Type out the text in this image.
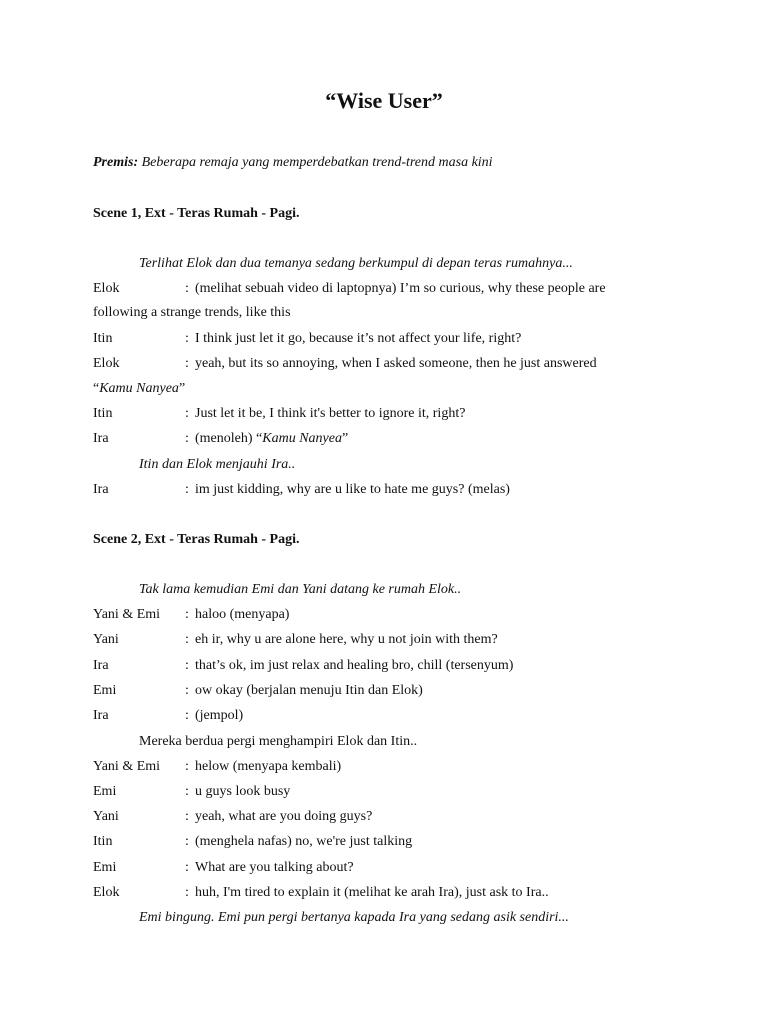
“Wise User”
Premis: Beberapa remaja yang memperdebatkan trend-trend masa kini
Scene 1, Ext - Teras Rumah - Pagi.
Terlihat Elok dan dua temanya sedang berkumpul di depan teras rumahnya...
Elok	: (melihat sebuah video di laptopnya) I’m so curious, why these people are
following a strange trends, like this
Itin	: I think just let it go, because it’s not affect your life, right?
Elok	: yeah, but its so annoying, when I asked someone, then he just answered
“Kamu Nanyea”
Itin	: Just let it be, I think it's better to ignore it, right?
Ira	: (menoleh) “Kamu Nanyea”
Itin dan Elok menjauhi Ira..
Ira	: im just kidding, why are u like to hate me guys? (melas)
Scene 2, Ext - Teras Rumah - Pagi.
Tak lama kemudian Emi dan Yani datang ke rumah Elok..
Yani & Emi : haloo (menyapa)
Yani	: eh ir, why u are alone here, why u not join with them?
Ira	: that’s ok, im just relax and healing bro, chill (tersenyum)
Emi	: ow okay (berjalan menuju Itin dan Elok)
Ira	: (jempol)
Mereka berdua pergi menghampiri Elok dan Itin..
Yani & Emi : helow (menyapa kembali)
Emi	: u guys look busy
Yani	: yeah, what are you doing guys?
Itin	: (menghela nafas) no, we're just talking
Emi	: What are you talking about?
Elok	: huh, I'm tired to explain it (melihat ke arah Ira), just ask to Ira..
Emi bingung. Emi pun pergi bertanya kapada Ira yang sedang asik sendiri...
